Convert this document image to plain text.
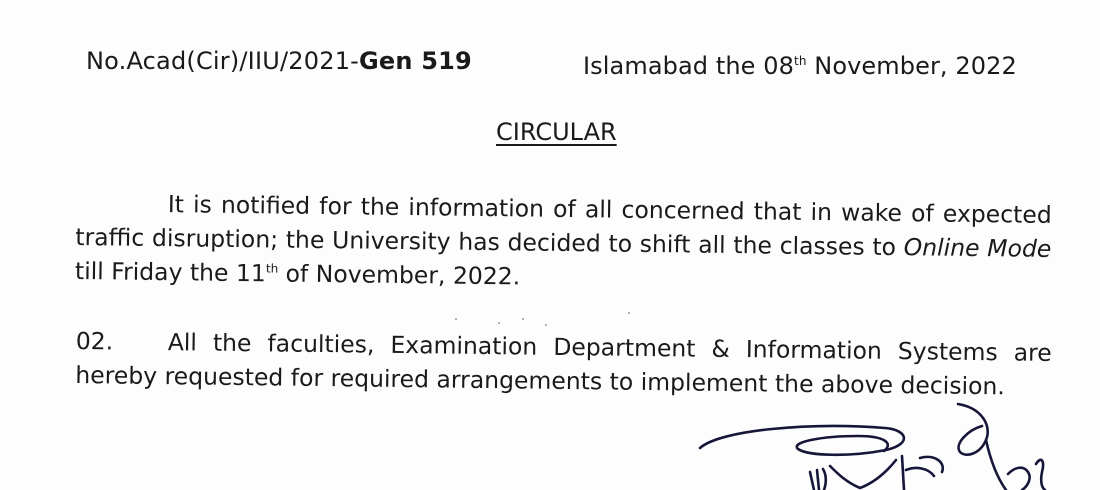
No.Acad(Cir)/IIU/2021-Gen 519	Islamabad the 08th November, 2022
CIRCULAR
It is notified for the information of all concerned that in wake of expected traffic disruption; the University has decided to shift all the classes to Online Mode till Friday the 11th of November, 2022.
02. All the faculties, Examination Department & Information Systems are hereby requested for required arrangements to implement the above decision.
